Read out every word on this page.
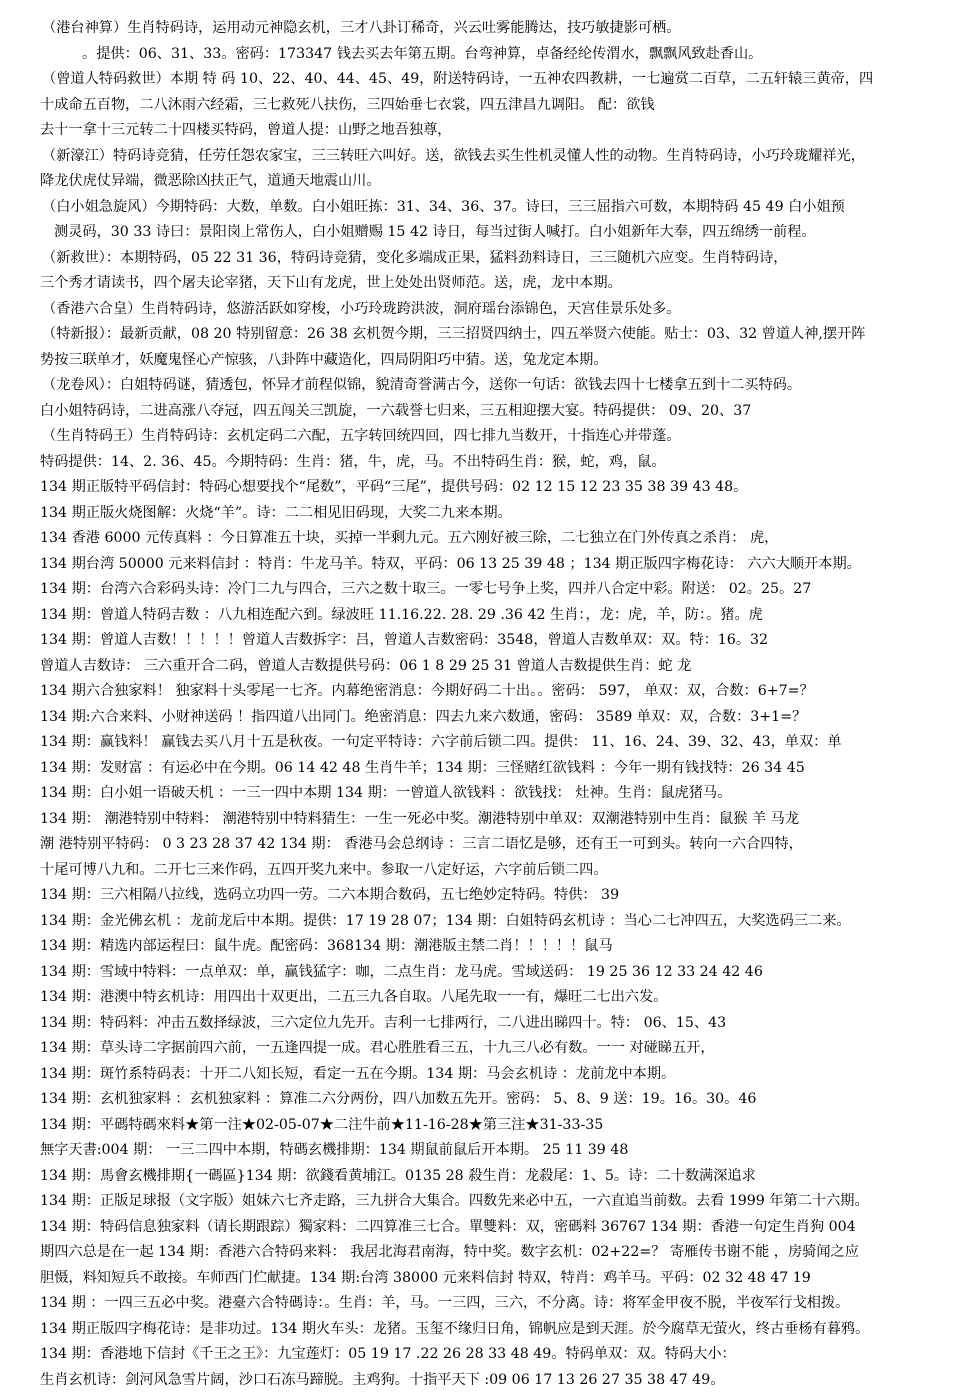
（港台神算）生肖特码诗，运用动元神隐玄机，三才八卦订稀奇，兴云吐雾能腾达，技巧敏捷影可栖。
。提供：06、31、33。密码：173347 钱去买去年第五期。台弯神算，卓备经纶传渭水，飘飘风致赴香山。
（曾道人特码救世）本期 特 码 10、22、40、44、45、49，附送特码诗，一五神农四教耕，一七遍赏二百草，二五轩辕三黄帝，四
十成命五百物，二八沐雨六经霜，三七救死八扶伤，三四始垂七衣裳，四五津昌九调阳。 配：欲钱
去十一拿十三元转二十四楼买特码，曾道人提：山野之地吾独尊，
（新濠江）特码诗竞猜，任劳任怨农家宝，三三转旺六叫好。送，欲钱去买生性机灵懂人性的动物。生肖特码诗，小巧玲珑耀祥光，
降龙伏虎仗异端，微恶除凶扶正气，道通天地震山川。
（白小姐急旋风）今期特码：大数，单数。白小姐旺拣：31、34、36、37。诗曰，三三屈指六可数，本期特码 45 49 白小姐预
测灵码，30 33 诗曰：景阳岗上常伤人，白小姐赠赐 15 42 诗日，每当过街人喊打。白小姐新年大奉，四五绵绣一前程。
（新救世）：本期特码，05 22 31 36，特码诗竞猜，变化多端成正果，猛料劲料诗日，三三随机六应变。生肖特码诗，
三个秀才请读书，四个屠夫论宰猪，天下山有龙虎，世上处处出贤师范。送，虎，龙中本期。
（香港六合皇）生肖特码诗，悠游活跃如穿梭，小巧玲珑跨洪波，洞府瑶台添锦色，天宫佳景乐处多。
（特新报）：最新贡献，08 20 特别留意：26 38 玄机贺今期，三三招贤四纳士，四五举贤六使能。贴士：03、32 曾道人神,摆开阵
势按三联单才，妖魔鬼怪心产惊骇，八卦阵中藏造化，四局阴阳巧中猜。送，兔龙定本期。
（龙卷风）：白姐特码谜，猜透包，怀异才前程似锦，貌清奇誉满古今，送你一句话：欲钱去四十七楼拿五到十二买特码。
白小姐特码诗，二进高涨八夺冠，四五闯关三凯旋，一六载誉七归来，三五相迎摆大宴。特码提供： 09、20、37
（生肖特码王）生肖特码诗：玄机定码二六配，五字转回统四回，四七排九当数开，十指连心并带蓬。
特码提供：14、2. 36、45。今期特码：生肖：猪，牛，虎，马。不出特码生肖：猴，蛇，鸡，鼠。
134 期正版特平码信封：特码心想要找个“尾数”，平码“三尾”，提供号码：02 12 15 12 23 35 38 39 43 48。
134 期正版火烧图解：火烧“羊”。诗：二二相见旧码现，大奖二九来本期。
134 香港 6000 元传真料 ：今日算准五十块，买掉一半剩九元。五六刚好被三除，二七独立在门外传真之杀肖： 虎，
134 期台湾 50000 元来料信封 ：特肖：牛龙马羊。特双，平码：06 13 25 39 48 ；134 期正版四字梅花诗： 六六大顺开本期。
134 期：台湾六合彩码头诗：冷门二九与四合，三六之数十取三。一零七号争上奖，四并八合定中彩。附送： 02。25。27
134 期：曾道人特码吉数 ：八九相连配六到。绿波旺 11.16.22. 28. 29 .36 42 生肖：，龙：虎，羊，防：。猪。虎
134 期：曾道人吉数！！！！！曾道人吉数拆字：吕，曾道人吉数密码：3548，曾道人吉数单双：双。特：16。32
曾道人吉数诗： 三六重开合二码，曾道人吉数提供号码：06 1 8 29 25 31 曾道人吉数提供生肖：蛇 龙
134 期六合独家料！ 独家料十头零尾一七齐。内幕绝密消息：今期好码二十出。。密码： 597， 单双：双，合数：6+7=？
134 期:六合来料、小财神送码 ！指四道八出同门。绝密消息：四去九来六数通，密码： 3589 单双：双，合数：3+1=？
134 期：赢钱料！ 赢钱去买八月十五是秋夜。一句定平特诗：六字前后锁二四。提供： 11、16、24、39、32、43，单双：单
134 期：发财富 ：有运必中在今期。06 14 42 48 生肖牛羊；134 期：三怪赌红欲钱料 ：今年一期有钱找特：26 34 45
134 期：白小姐一语破天机 ：一三一四中本期 134 期：一曾道人欲钱料 ：欲钱找： 灶神。生肖：鼠虎猪马。
134 期： 潮港特别中特料： 潮港特别中特料猜生：一生一死必中奖。潮港特别中单双：双潮港特别中生肖：鼠猴 羊 马龙
潮 港特别平特码： 0 3 23 28 37 42 134 期： 香港马会总纲诗 ：三言二语忆是够，还有王一可到头。转向一六合四特，
十尾可博八九和。二开七三来作码，五四开奖九来中。参取一八定好运，六字前后锁二四。
134 期：三六相隔八拉线，选码立功四一劳。二六本期合数码，五七绝妙定特码。特供： 39
134 期：金光佛玄机 ：龙前龙后中本期。提供：17 19 28 07；134 期：白姐特码玄机诗 ：当心二七冲四五，大奖选码三二来。
134 期：精选内部运程曰：鼠牛虎。配密码：368134 期：潮港版主禁二肖！！！！！鼠马
134 期：雪域中特料：一点单双：单，赢钱猛字：咖，二点生肖：龙马虎。雪域送码： 19 25 36 12 33 24 42 46
134 期：港澳中特玄机诗：用四出十双更出，二五三九各自取。八尾先取一一有，爆旺二七出六发。
134 期：特码料：冲击五数择绿波，三六定位九先开。吉利一七排两行，二八进出睇四十。特： 06、15、43
134 期：草头诗二字据前四六前，一五逢四提一成。君心胜胜看三五，十九三八必有数。一一 对碰睇五开，
134 期：斑竹系特码表：十开二八知长短，看定一五在今期。134 期：马会玄机诗 ：龙前龙中本期。
134 期：玄机独家料 ：玄机独家料 ：算准二六分两份，四八加数五先开。密码： 5、8、9 送：19。16。30。46
134 期：平碼特碼來料★第一注★02-05-07★二注牛前★11-16-28★第三注★31-33-35
無字天書:004 期： 一三二四中本期，特碼玄機排期：134 期鼠前鼠后开本期。 25 11 39 48
134 期：馬會玄機排期{一碼區}134 期：欲錢看黄埔江。0135 28 殺生肖：龙殺尾：1、5。诗：二十数满深追求
134 期：正版足球报（文字版）姐妹六七齐走路，三九拼合大集合。四数先来必中五，一六直追当前数。去看 1999 年第二十六期。
134 期：特码信息独家料（请长期跟踪）獨家料：二四算准三七合。單雙料：双，密碼料 36767 134 期：香港一句定生肖狗 004
期四六总是在一起 134 期：香港六合特码来料： 我居北海君南海，特中奖。数字玄机：02+22=？ 寄雁传书谢不能 ，房骑闻之应
胆慑，料知短兵不敢接。车师西门伫献捷。134 期:台湾 38000 元来料信封 特双，特肖：鸡羊马。平码：02 32 48 47 19
134 期 ：一四三五必中奖。港臺六合特碼诗：。生肖：羊，马。一三四，三六，不分离。诗：将军金甲夜不脱，半夜军行戈相拨。
134 期正版四字梅花诗：是非功过。134 期火车头：龙猪。玉玺不缘归日角，锦帆应是到天涯。於今腐草无萤火，终古垂杨有暮鸦。
134 期：香港地下信封《千王之王》：九宝莲灯：05 19 17 .22 26 28 33 48 49。特码单双：双。特码大小：
生肖玄机诗：剑河风急雪片阔，沙口石冻马蹄脱。主鸡狗。十指平天下 :09 06 17 13 26 27 35 38 47 49。
